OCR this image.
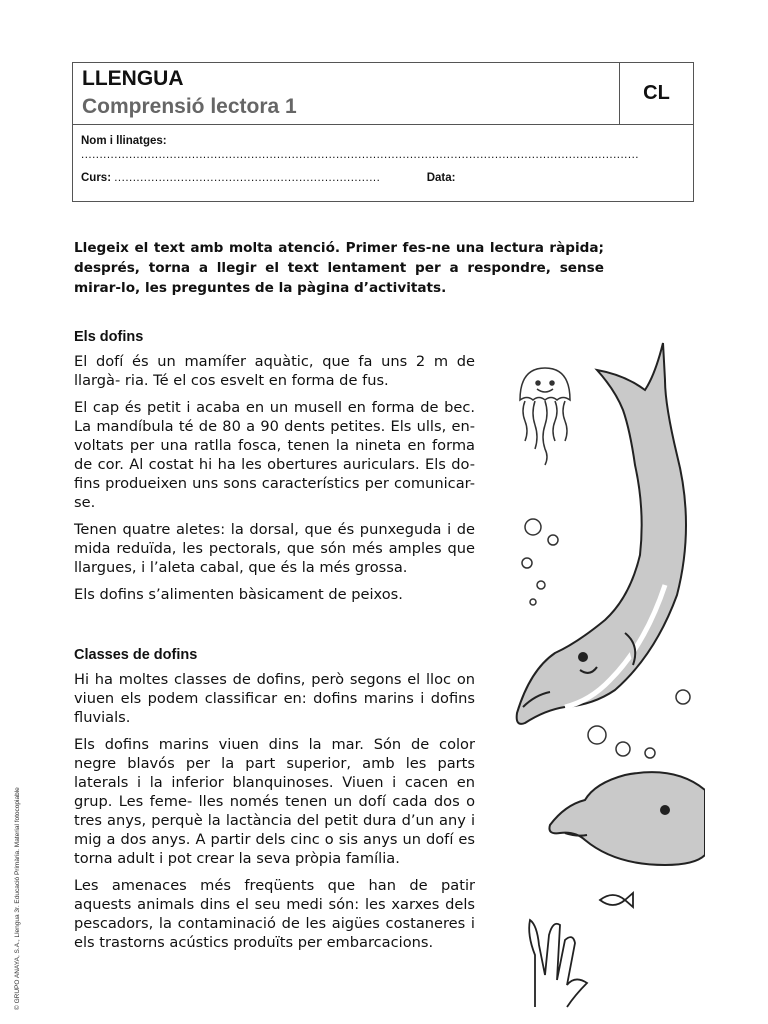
LLENGUA
Comprensió lectora 1
CL
Nom i llinatges:
.......................................................................................................................................................
Curs: ........................................................................	Data:
Llegeix el text amb molta atenció. Primer fes-ne una lectura ràpida; després, torna a llegir el text lentament per a respondre, sense mirar-lo, les preguntes de la pàgina d’activitats.
Els dofins

El dofí és un mamífer aquàtic, que fa uns 2 m de llargà- ria. Té el cos esvelt en forma de fus.

El cap és petit i acaba en un musell en forma de bec. La mandíbula té de 80 a 90 dents petites. Els ulls, en- voltats per una ratlla fosca, tenen la nineta en forma de cor. Al costat hi ha les obertures auriculars. Els do- fins produeixen uns sons característics per comunicar-se.

Tenen quatre aletes: la dorsal, que és punxeguda i de mida reduïda, les pectorals, que són més amples que llargues, i l’aleta cabal, que és la més grossa.

Els dofins s’alimenten bàsicament de peixos.

Classes de dofins

Hi ha moltes classes de dofins, però segons el lloc on viuen els podem classificar en: dofins marins i dofins fluvials.

Els dofins marins viuen dins la mar. Són de color negre blavós per la part superior, amb les parts laterals i la inferior blanquinoses. Viuen i cacen en grup. Les feme- lles només tenen un dofí cada dos o tres anys, perquè la lactància del petit dura d’un any i mig a dos anys. A partir dels cinc o sis anys un dofí es torna adult i pot crear la seva pròpia família.

Les amenaces més freqüents que han de patir aquests animals dins el seu medi són: les xarxes dels pescadors, la contaminació de les aigües costaneres i els trastorns acústics produïts per embarcacions.

© GRUPO ANAYA, S.A., Llengua 3r. Educació Primària. Material fotocopiable
